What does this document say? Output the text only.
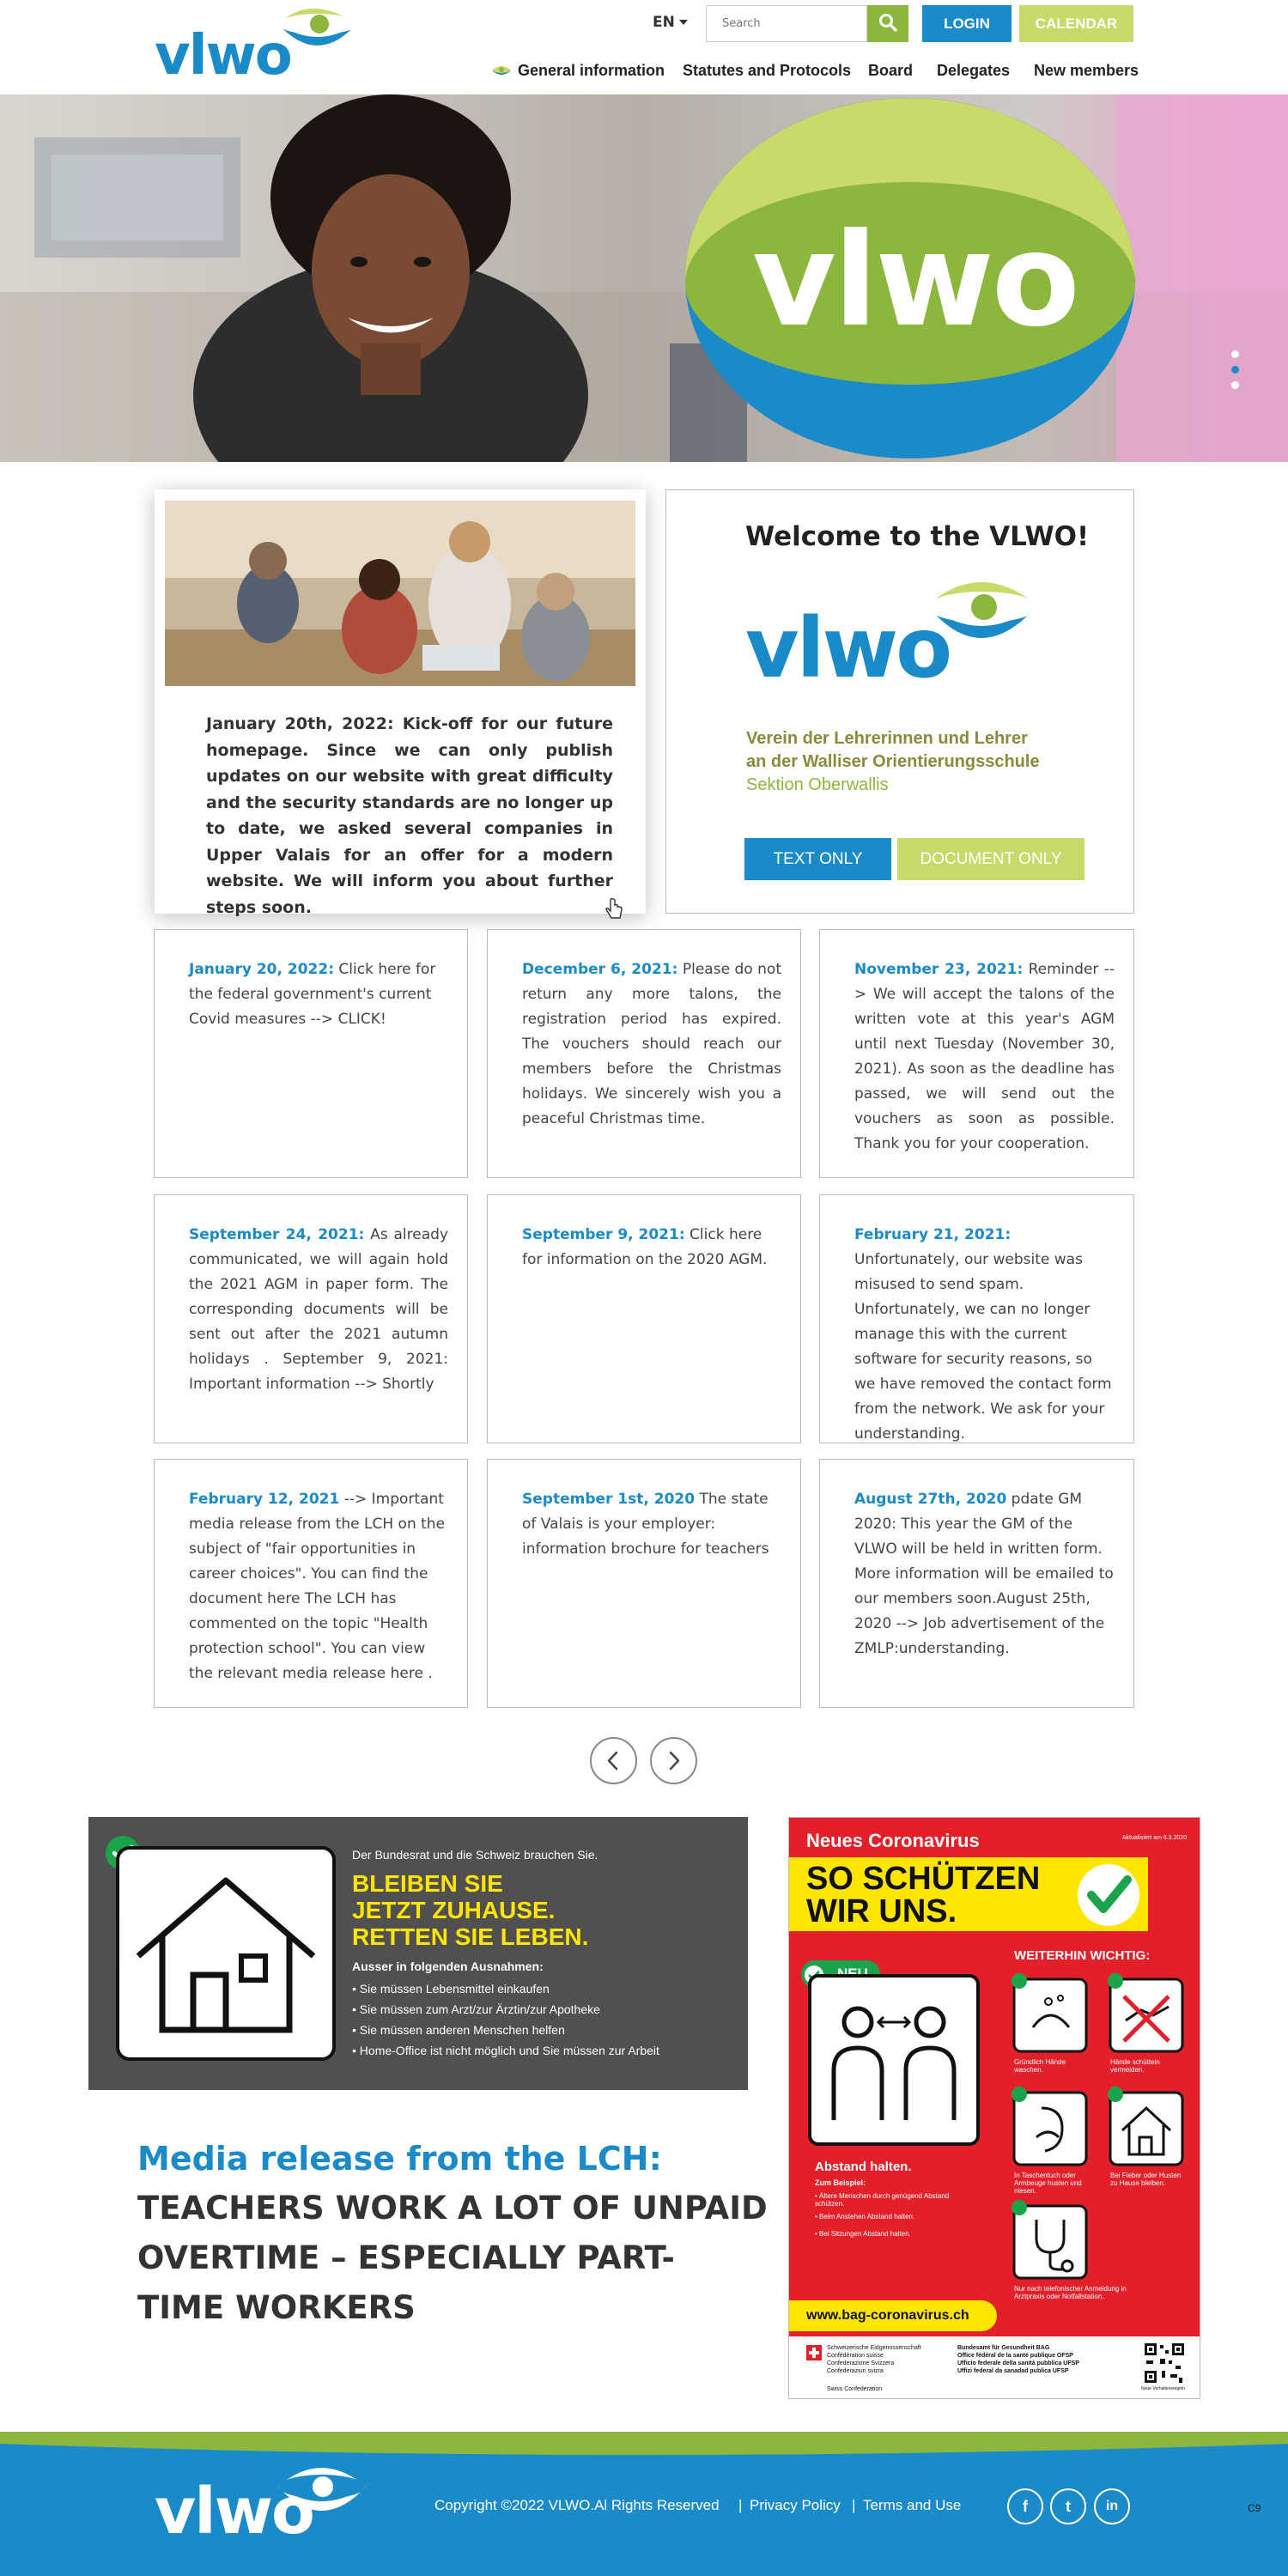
vlwo
EN
Search	LOGIN	CALENDAR
General information Statutes and Protocols Board Delegates New members
vlwo

January 20th, 2022: Kick-off for our future homepage. Since we can only publish updates on our website with great difficulty and the security standards are no longer up to date, we asked several companies in Upper Valais for an offer for a modern website. We will inform you about further steps soon.

Welcome to the VLWO!
vlwo

Verein der Lehrerinnen und Lehrer

an der Walliser Orientierungsschule

Sektion Oberwallis

TEXT ONLY	DOCUMENT ONLY
January 20, 2022: Click here for the federal government's current Covid measures --> CLICK!
December 6, 2021: Please do not return any more talons, the registration period has expired. The vouchers should reach our members before the Christmas holidays. We sincerely wish you a peaceful Christmas time.
November 23, 2021: Reminder --> We will accept the talons of the written vote at this year's AGM until next Tuesday (November 30, 2021). As soon as the deadline has passed, we will send out the vouchers as soon as possible. Thank you for your cooperation.
September 24, 2021: As already communicated, we will again hold the 2021 AGM in paper form. The corresponding documents will be sent out after the 2021 autumn holidays . September 9, 2021: Important information --> Shortly
September 9, 2021: Click here for information on the 2020 AGM.
February 21, 2021: Unfortunately, our website was misused to send spam. Unfortunately, we can no longer manage this with the current software for security reasons, so we have removed the contact form from the network. We ask for your understanding.
February 12, 2021 --> Important media release from the LCH on the subject of "fair opportunities in career choices". You can find the document here The LCH has commented on the topic "Health protection school". You can view the relevant media release here .
September 1st, 2020 The state of Valais is your employer: information brochure for teachers
August 27th, 2020 pdate GM 2020: This year the GM of the VLWO will be held in written form. More information will be emailed to our members soon.August 25th, 2020 --> Job advertisement of the ZMLP:understanding.

Der Bundesrat und die Schweiz brauchen Sie.

BLEIBEN SIE

JETZT ZUHAUSE.

RETTEN SIE LEBEN.

Ausser in folgenden Ausnahmen:

• Sie müssen Lebensmittel einkaufen

• Sie müssen zum Arzt/zur Ärztin/zur Apotheke

• Sie müssen anderen Menschen helfen

• Home-Office ist nicht möglich und Sie müssen zur Arbeit

Media release from the LCH:

TEACHERS WORK A LOT OF UNPAID

OVERTIME – ESPECIALLY PART-

TIME WORKERS

Neues Coronavirus	Aktualisiert am 6.3.2020

SO SCHÜTZEN

WIR UNS.

Abstand halten.

Zum Beispiel:

• Ältere Menschen durch genügend Abstand schützen.

• Beim Anstehen Abstand halten.

• Bei Sitzungen Abstand halten.

WEITERHIN WICHTIG:

Gründlich Hände waschen.

Hände schütteln vermeiden.

In Taschentuch oder Armbeuge husten und niesen.

Bei Fieber oder Husten zu Hause bleiben.

Nur nach telefonischer Anmeldung in Arztpraxis oder Notfallstation.

www.bag-coronavirus.ch

Schweizerische Eidgenossenschaft

Confédération suisse

Confederazione Svizzera

Confederaziun svizra

Swiss Confederation

Bundesamt für Gesundheit BAG

Office fédéral de la santé publique OFSP

Ufficio federale della sanità pubblica UFSP

Uffizi federal da sanadad publica UFSP

Neue Verhaltensregeln

vlwo	Copyright ©2022 VLWO.Al Rights Reserved | Privacy Policy | Terms and Use	f	t	in	C9
